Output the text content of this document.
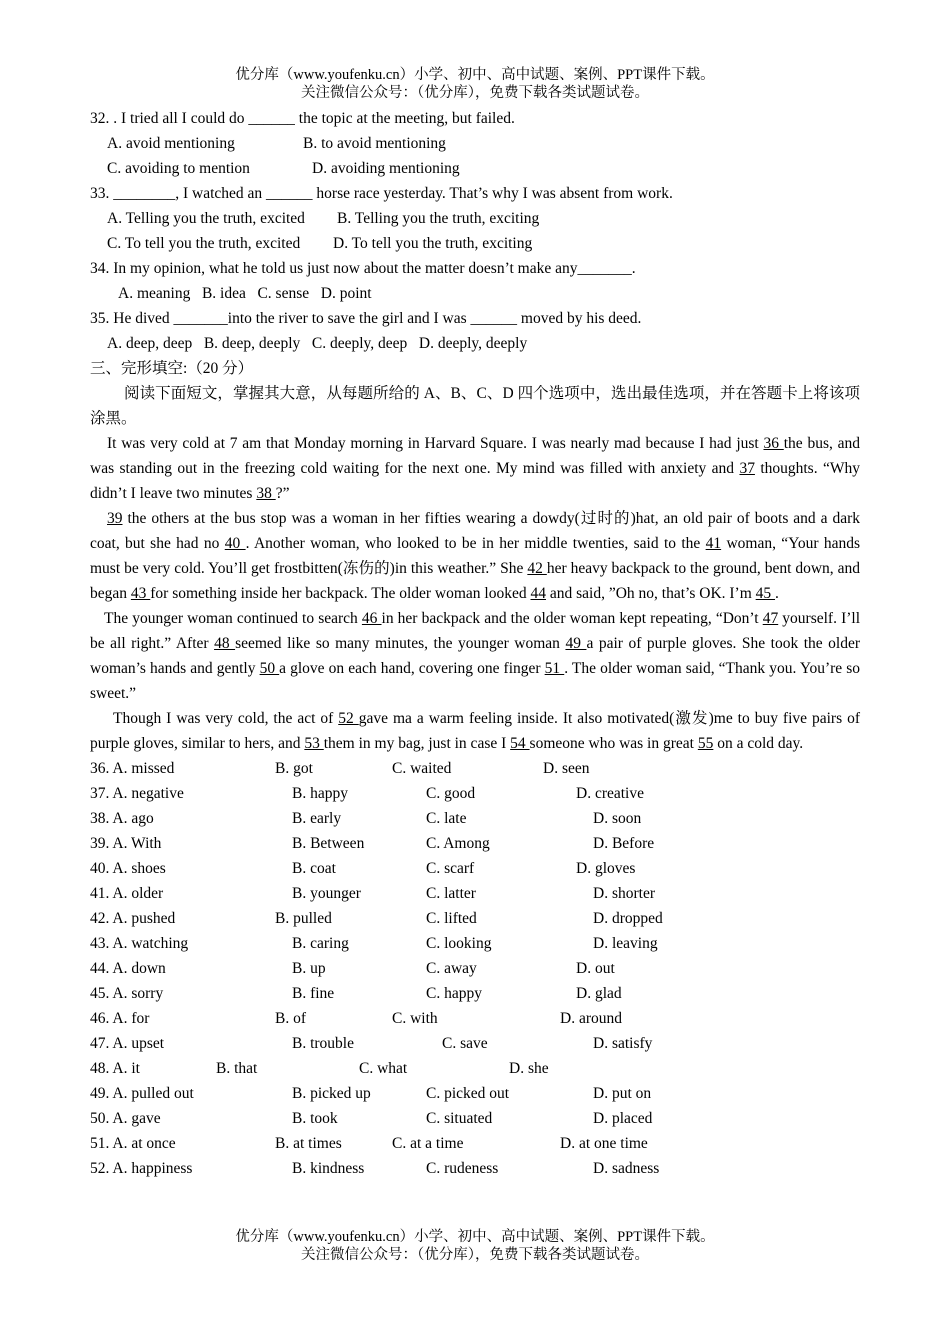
优分库（www.youfenku.cn）小学、初中、高中试题、案例、PPT课件下载。
关注微信公众号：（优分库），免费下载各类试题试卷。
32. . I tried all I could do ______ the topic at the meeting, but failed.
A. avoid mentioning	B. to avoid mentioning
C. avoiding to mention	D. avoiding mentioning
33. ________, I watched an ______ horse race yesterday. That’s why I was absent from work.
A. Telling you the truth, excited B. Telling you the truth, exciting
C. To tell you the truth, excited D. To tell you the truth, exciting
34. In my opinion, what he told us just now about the matter doesn’t make any_______.
A. meaning   B. idea   C. sense   D. point
35. He dived _______into the river to save the girl and I was ______ moved by his deed.
A. deep, deep   B. deep, deeply   C. deeply, deep   D. deeply, deeply
三、完形填空:（20 分）
阅读下面短文，掌握其大意，从每题所给的 A、B、C、D 四个选项中，选出最佳选项，并在答题卡上将该项涂黑。
It was very cold at 7 am that Monday morning in Harvard Square. I was nearly mad because I had just 36 the bus, and was standing out in the freezing cold waiting for the next one. My mind was filled with anxiety and 37 thoughts. “Why didn’t I leave two minutes 38 ?”
39 the others at the bus stop was a woman in her fifties wearing a dowdy(过时的)hat, an old pair of boots and a dark coat, but she had no 40 . Another woman, who looked to be in her middle twenties, said to the 41 woman, “Your hands must be very cold. You’ll get frostbitten(冻伤的)in this weather.” She 42 her heavy backpack to the ground, bent down, and began 43 for something inside her backpack. The older woman looked 44 and said, ”Oh no, that’s OK. I’m 45 .
The younger woman continued to search 46 in her backpack and the older woman kept repeating, “Don’t 47 yourself. I’ll be all right.” After 48 seemed like so many minutes, the younger woman 49 a pair of purple gloves. She took the older woman’s hands and gently 50 a glove on each hand, covering one finger 51 . The older woman said, “Thank you. You’re so sweet.”
Though I was very cold, the act of 52 gave ma a warm feeling inside. It also motivated(激发)me to buy five pairs of purple gloves, similar to hers, and 53 them in my bag, just in case I 54 someone who was in great 55 on a cold day.
36. A. missed	B. got	C. waited	D. seen
37. A. negative	B. happy	C. good	D. creative
38. A. ago	B. early	C. late	D. soon
39. A. With	B. Between	C. Among	D. Before
40. A. shoes	B. coat	C. scarf	D. gloves
41. A. older	B. younger	C. latter	D. shorter
42. A. pushed	B. pulled	C. lifted	D. dropped
43. A. watching	B. caring	C. looking	D. leaving
44. A. down	B. up	C. away	D. out
45. A. sorry	B. fine	C. happy	D. glad
46. A. for	B. of	C. with	D. around
47. A. upset	B. trouble	C. save	D. satisfy
48. A. it	B. that	C. what	D. she
49. A. pulled out	B. picked up	C. picked out	D. put on
50. A. gave	B. took	C. situated	D. placed
51. A. at once	B. at times	C. at a time	D. at one time
52. A. happiness	B. kindness	C. rudeness	D. sadness
优分库（www.youfenku.cn）小学、初中、高中试题、案例、PPT课件下载。
关注微信公众号：（优分库），免费下载各类试题试卷。
